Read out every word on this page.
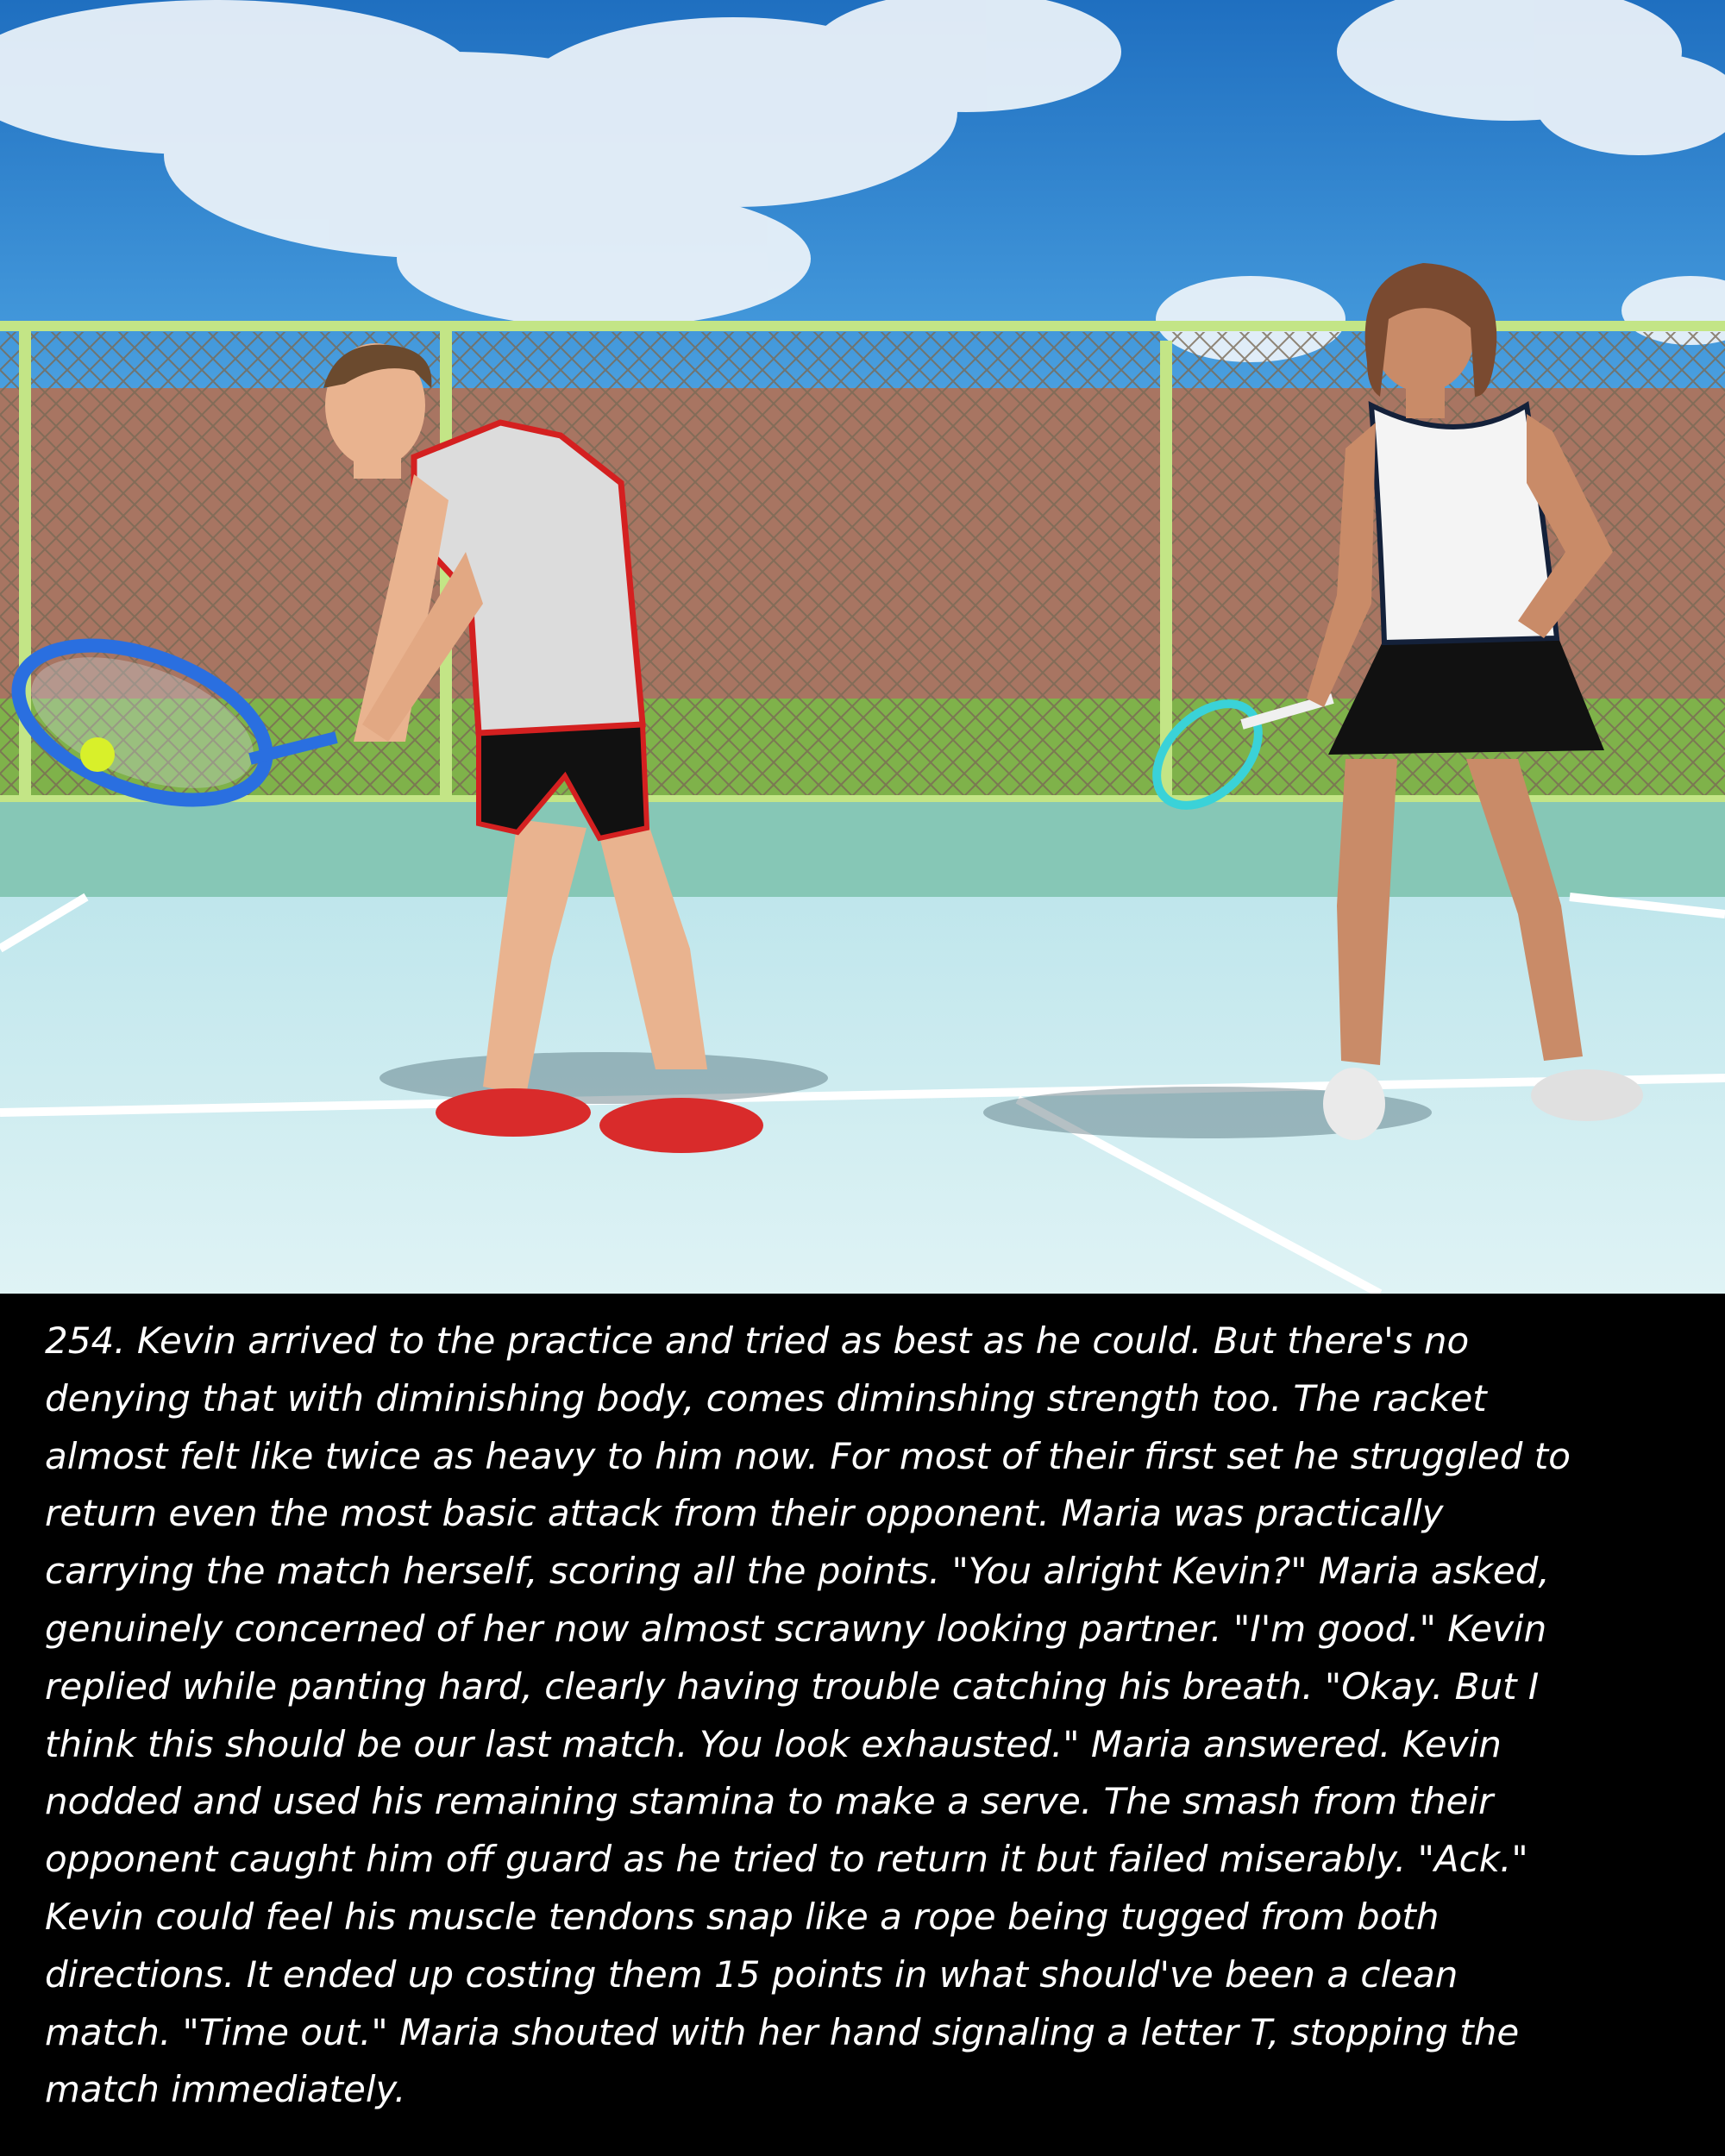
254. Kevin arrived to the practice and tried as best as he could. But there's no
denying that with diminishing body, comes diminshing strength too. The racket
almost felt like twice as heavy to him now. For most of their first set he struggled to
return even the most basic attack from their opponent. Maria was practically
carrying the match herself, scoring all the points. "You alright Kevin?" Maria asked,
genuinely concerned of her now almost scrawny looking partner. "I'm good." Kevin
replied while panting hard, clearly having trouble catching his breath. "Okay. But I
think this should be our last match. You look exhausted." Maria answered. Kevin
nodded and used his remaining stamina to make a serve. The smash from their
opponent caught him off guard as he tried to return it but failed miserably. "Ack."
Kevin could feel his muscle tendons snap like a rope being tugged from both
directions. It ended up costing them 15 points in what should've been a clean
match. "Time out." Maria shouted with her hand signaling a letter T, stopping the
match immediately.
